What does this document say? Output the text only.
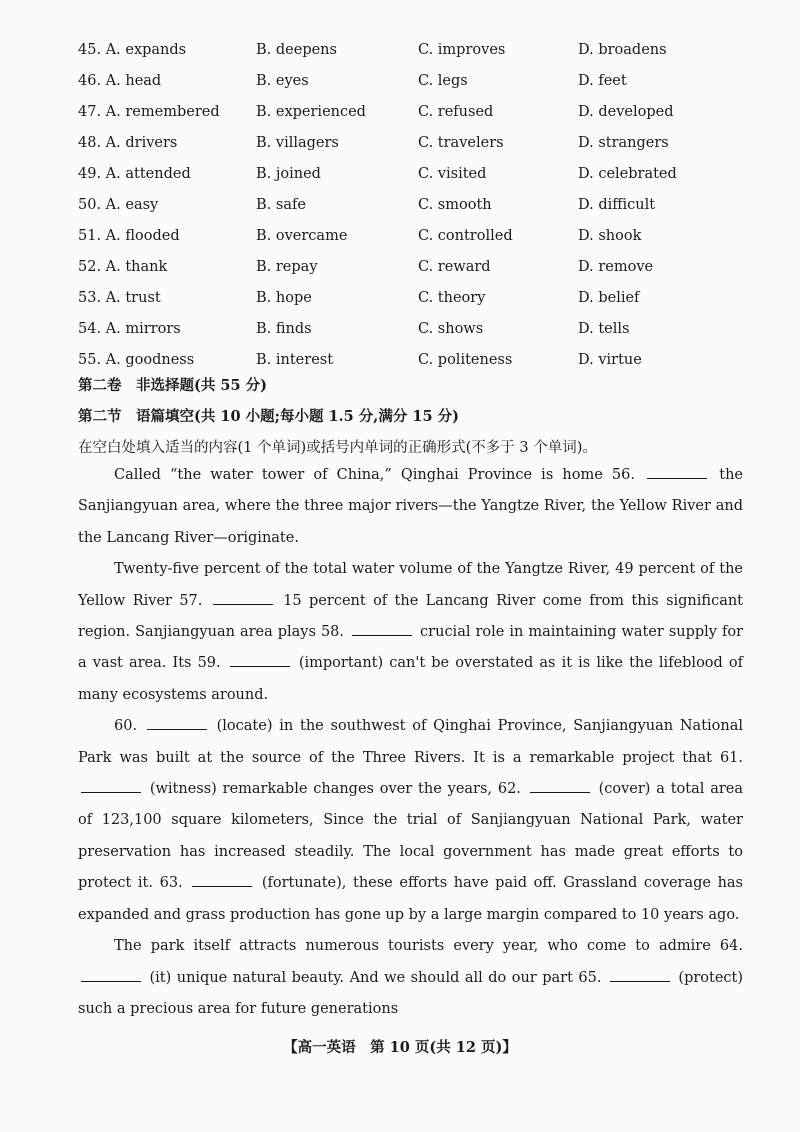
45. A. expands	B. deepens	C. improves	D. broadens
46. A. head	B. eyes	C. legs	D. feet
47. A. remembered	B. experienced	C. refused	D. developed
48. A. drivers	B. villagers	C. travelers	D. strangers
49. A. attended	B. joined	C. visited	D. celebrated
50. A. easy	B. safe	C. smooth	D. difficult
51. A. flooded	B. overcame	C. controlled	D. shook
52. A. thank	B. repay	C. reward	D. remove
53. A. trust	B. hope	C. theory	D. belief
54. A. mirrors	B. finds	C. shows	D. tells
55. A. goodness	B. interest	C. politeness	D. virtue
第二卷　非选择题(共 55 分)
第二节　语篇填空(共 10 小题;每小题 1.5 分,满分 15 分)
在空白处填入适当的内容(1 个单词)或括号内单词的正确形式(不多于 3 个单词)。

Called “the water tower of China,” Qinghai Province is home 56.	the Sanjiangyuan area, where the three major rivers—the Yangtze River, the Yellow River and the Lancang River—originate.

Twenty-five percent of the total water volume of the Yangtze River, 49 percent of the Yellow River 57.	15 percent of the Lancang River come from this significant region. Sanjiangyuan area plays 58.	crucial role in maintaining water supply for a vast area. Its 59.	(important) can't be overstated as it is like the lifeblood of many ecosystems around.

60.	(locate) in the southwest of Qinghai Province, Sanjiangyuan National Park was built at the source of the Three Rivers. It is a remarkable project that 61.  (witness) remarkable changes over the years, 62.	(cover) a total area of 123,100 square kilometers, Since the trial of Sanjiangyuan National Park, water preservation has increased steadily. The local government has made great efforts to protect it. 63.	(fortunate), these efforts have paid off. Grassland coverage has expanded and grass production has gone up by a large margin compared to 10 years ago.

The park itself attracts numerous tourists every year, who come to admire 64.  (it) unique natural beauty. And we should all do our part 65.	(protect) such a precious area for future generations

【高一英语　第 10 页(共 12 页)】
